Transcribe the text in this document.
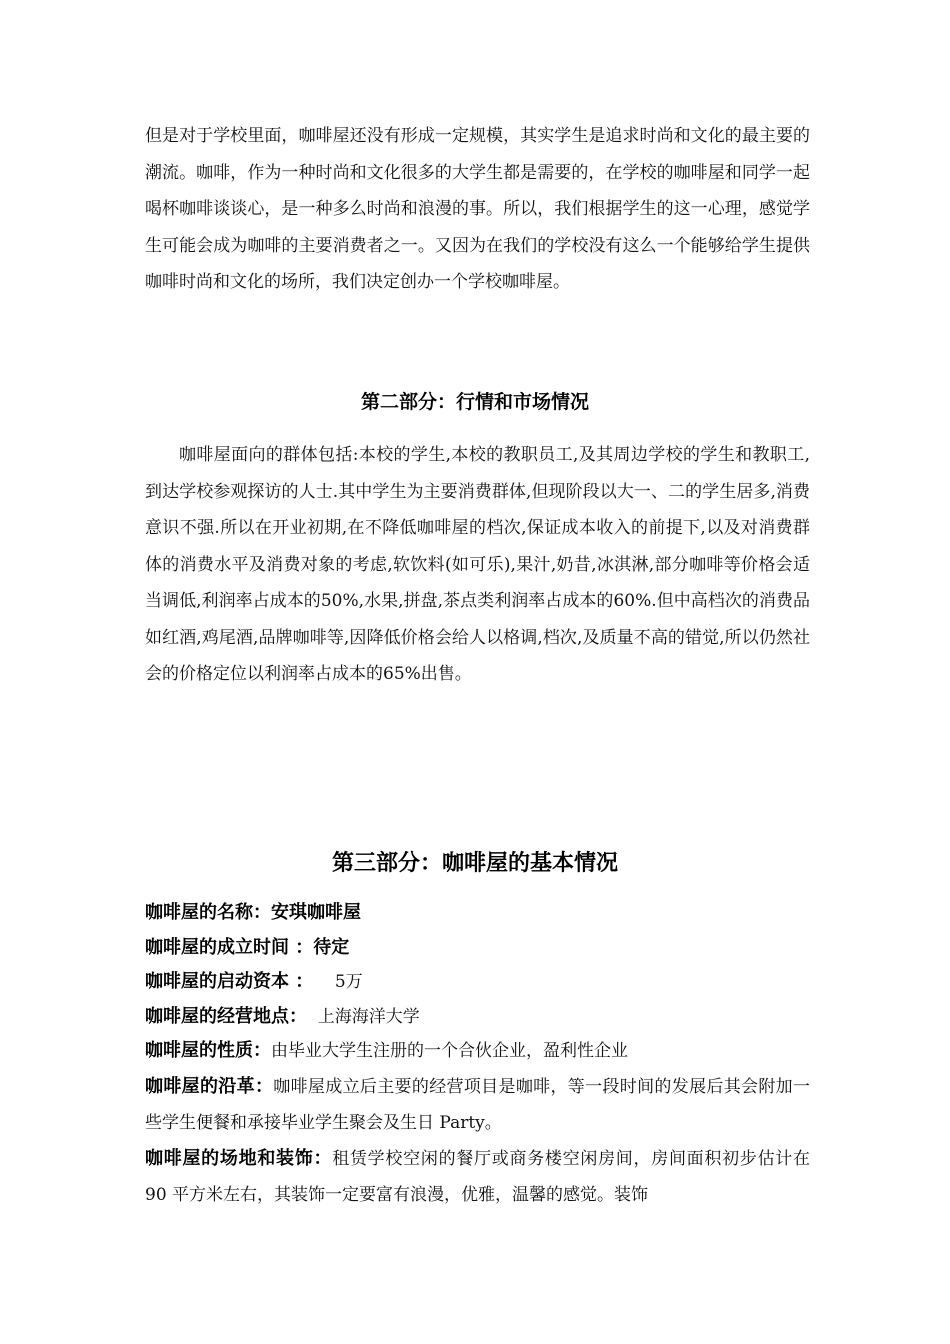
但是对于学校里面，咖啡屋还没有形成一定规模，其实学生是追求时尚和文化的最主要的潮流。咖啡，作为一种时尚和文化很多的大学生都是需要的，在学校的咖啡屋和同学一起喝杯咖啡谈谈心，是一种多么时尚和浪漫的事。所以，我们根据学生的这一心理，感觉学生可能会成为咖啡的主要消费者之一。又因为在我们的学校没有这么一个能够给学生提供咖啡时尚和文化的场所，我们决定创办一个学校咖啡屋。

第二部分：行情和市场情况

咖啡屋面向的群体包括:本校的学生,本校的教职员工,及其周边学校的学生和教职工,到达学校参观探访的人士.其中学生为主要消费群体,但现阶段以大一、二的学生居多,消费意识不强.所以在开业初期,在不降低咖啡屋的档次,保证成本收入的前提下,以及对消费群体的消费水平及消费对象的考虑,软饮料(如可乐),果汁,奶昔,冰淇淋,部分咖啡等价格会适当调低,利润率占成本的50%,水果,拼盘,茶点类利润率占成本的60%.但中高档次的消费品如红酒,鸡尾酒,品牌咖啡等,因降低价格会给人以格调,档次,及质量不高的错觉,所以仍然社会的价格定位以利润率占成本的65%出售。

第三部分：咖啡屋的基本情况
咖啡屋的名称：安琪咖啡屋
咖啡屋的成立时间 ：待定
咖啡屋的启动资本 ：    5万
咖啡屋的经营地点：  上海海洋大学
咖啡屋的性质：由毕业大学生注册的一个合伙企业，盈利性企业
咖啡屋的沿革：咖啡屋成立后主要的经营项目是咖啡，等一段时间的发展后其会附加一些学生便餐和承接毕业学生聚会及生日 Party。
咖啡屋的场地和装饰：租赁学校空闲的餐厅或商务楼空闲房间，房间面积初步估计在 90 平方米左右，其装饰一定要富有浪漫，优雅，温馨的感觉。装饰
